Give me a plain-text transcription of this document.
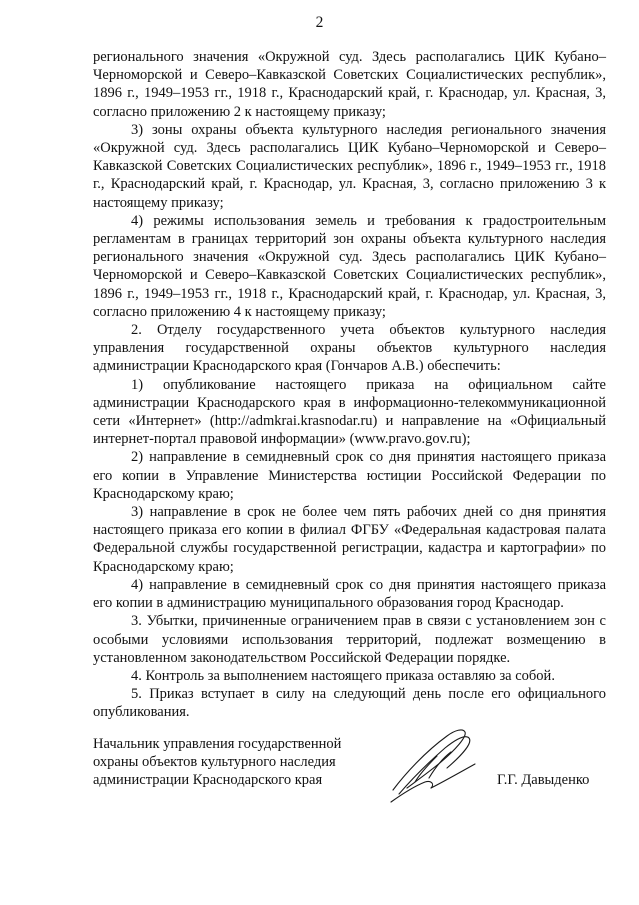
2

регионального значения «Окружной суд. Здесь располагались ЦИК Кубано–Черноморской и Северо–Кавказской Советских Социалистических республик», 1896 г., 1949–1953 гг., 1918 г., Краснодарский край, г. Краснодар, ул. Красная, 3, согласно приложению 2 к настоящему приказу;

3) зоны охраны объекта культурного наследия регионального значения «Окружной суд. Здесь располагались ЦИК Кубано–Черноморской и Северо–Кавказской Советских Социалистических республик», 1896 г., 1949–1953 гг., 1918 г., Краснодарский край, г. Краснодар, ул. Красная, 3, согласно приложению 3 к настоящему приказу;

4) режимы использования земель и требования к градостроительным регламентам в границах территорий зон охраны объекта культурного наследия регионального значения «Окружной суд. Здесь располагались ЦИК Кубано–Черноморской и Северо–Кавказской Советских Социалистических республик», 1896 г., 1949–1953 гг., 1918 г., Краснодарский край, г. Краснодар, ул. Красная, 3, согласно приложению 4 к настоящему приказу;

2. Отделу государственного учета объектов культурного наследия управления государственной охраны объектов культурного наследия администрации Краснодарского края (Гончаров А.В.) обеспечить:

1) опубликование настоящего приказа на официальном сайте администрации Краснодарского края в информационно-телекоммуникационной сети «Интернет» (http://admkrai.krasnodar.ru) и направление на «Официальный интернет-портал правовой информации» (www.pravo.gov.ru);

2) направление в семидневный срок со дня принятия настоящего приказа его копии в Управление Министерства юстиции Российской Федерации по Краснодарскому краю;

3) направление в срок не более чем пять рабочих дней со дня принятия настоящего приказа его копии в филиал ФГБУ «Федеральная кадастровая палата Федеральной службы государственной регистрации, кадастра и картографии» по Краснодарскому краю;

4) направление в семидневный срок со дня принятия настоящего приказа его копии в администрацию муниципального образования город Краснодар.

3. Убытки, причиненные ограничением прав в связи с установлением зон с особыми условиями использования территорий, подлежат возмещению в установленном законодательством Российской Федерации порядке.

4. Контроль за выполнением настоящего приказа оставляю за собой.

5. Приказ вступает в силу на следующий день после его официального опубликования.

Начальник управления государственной
охраны объектов культурного наследия
администрации Краснодарского края	Г.Г. Давыденко
